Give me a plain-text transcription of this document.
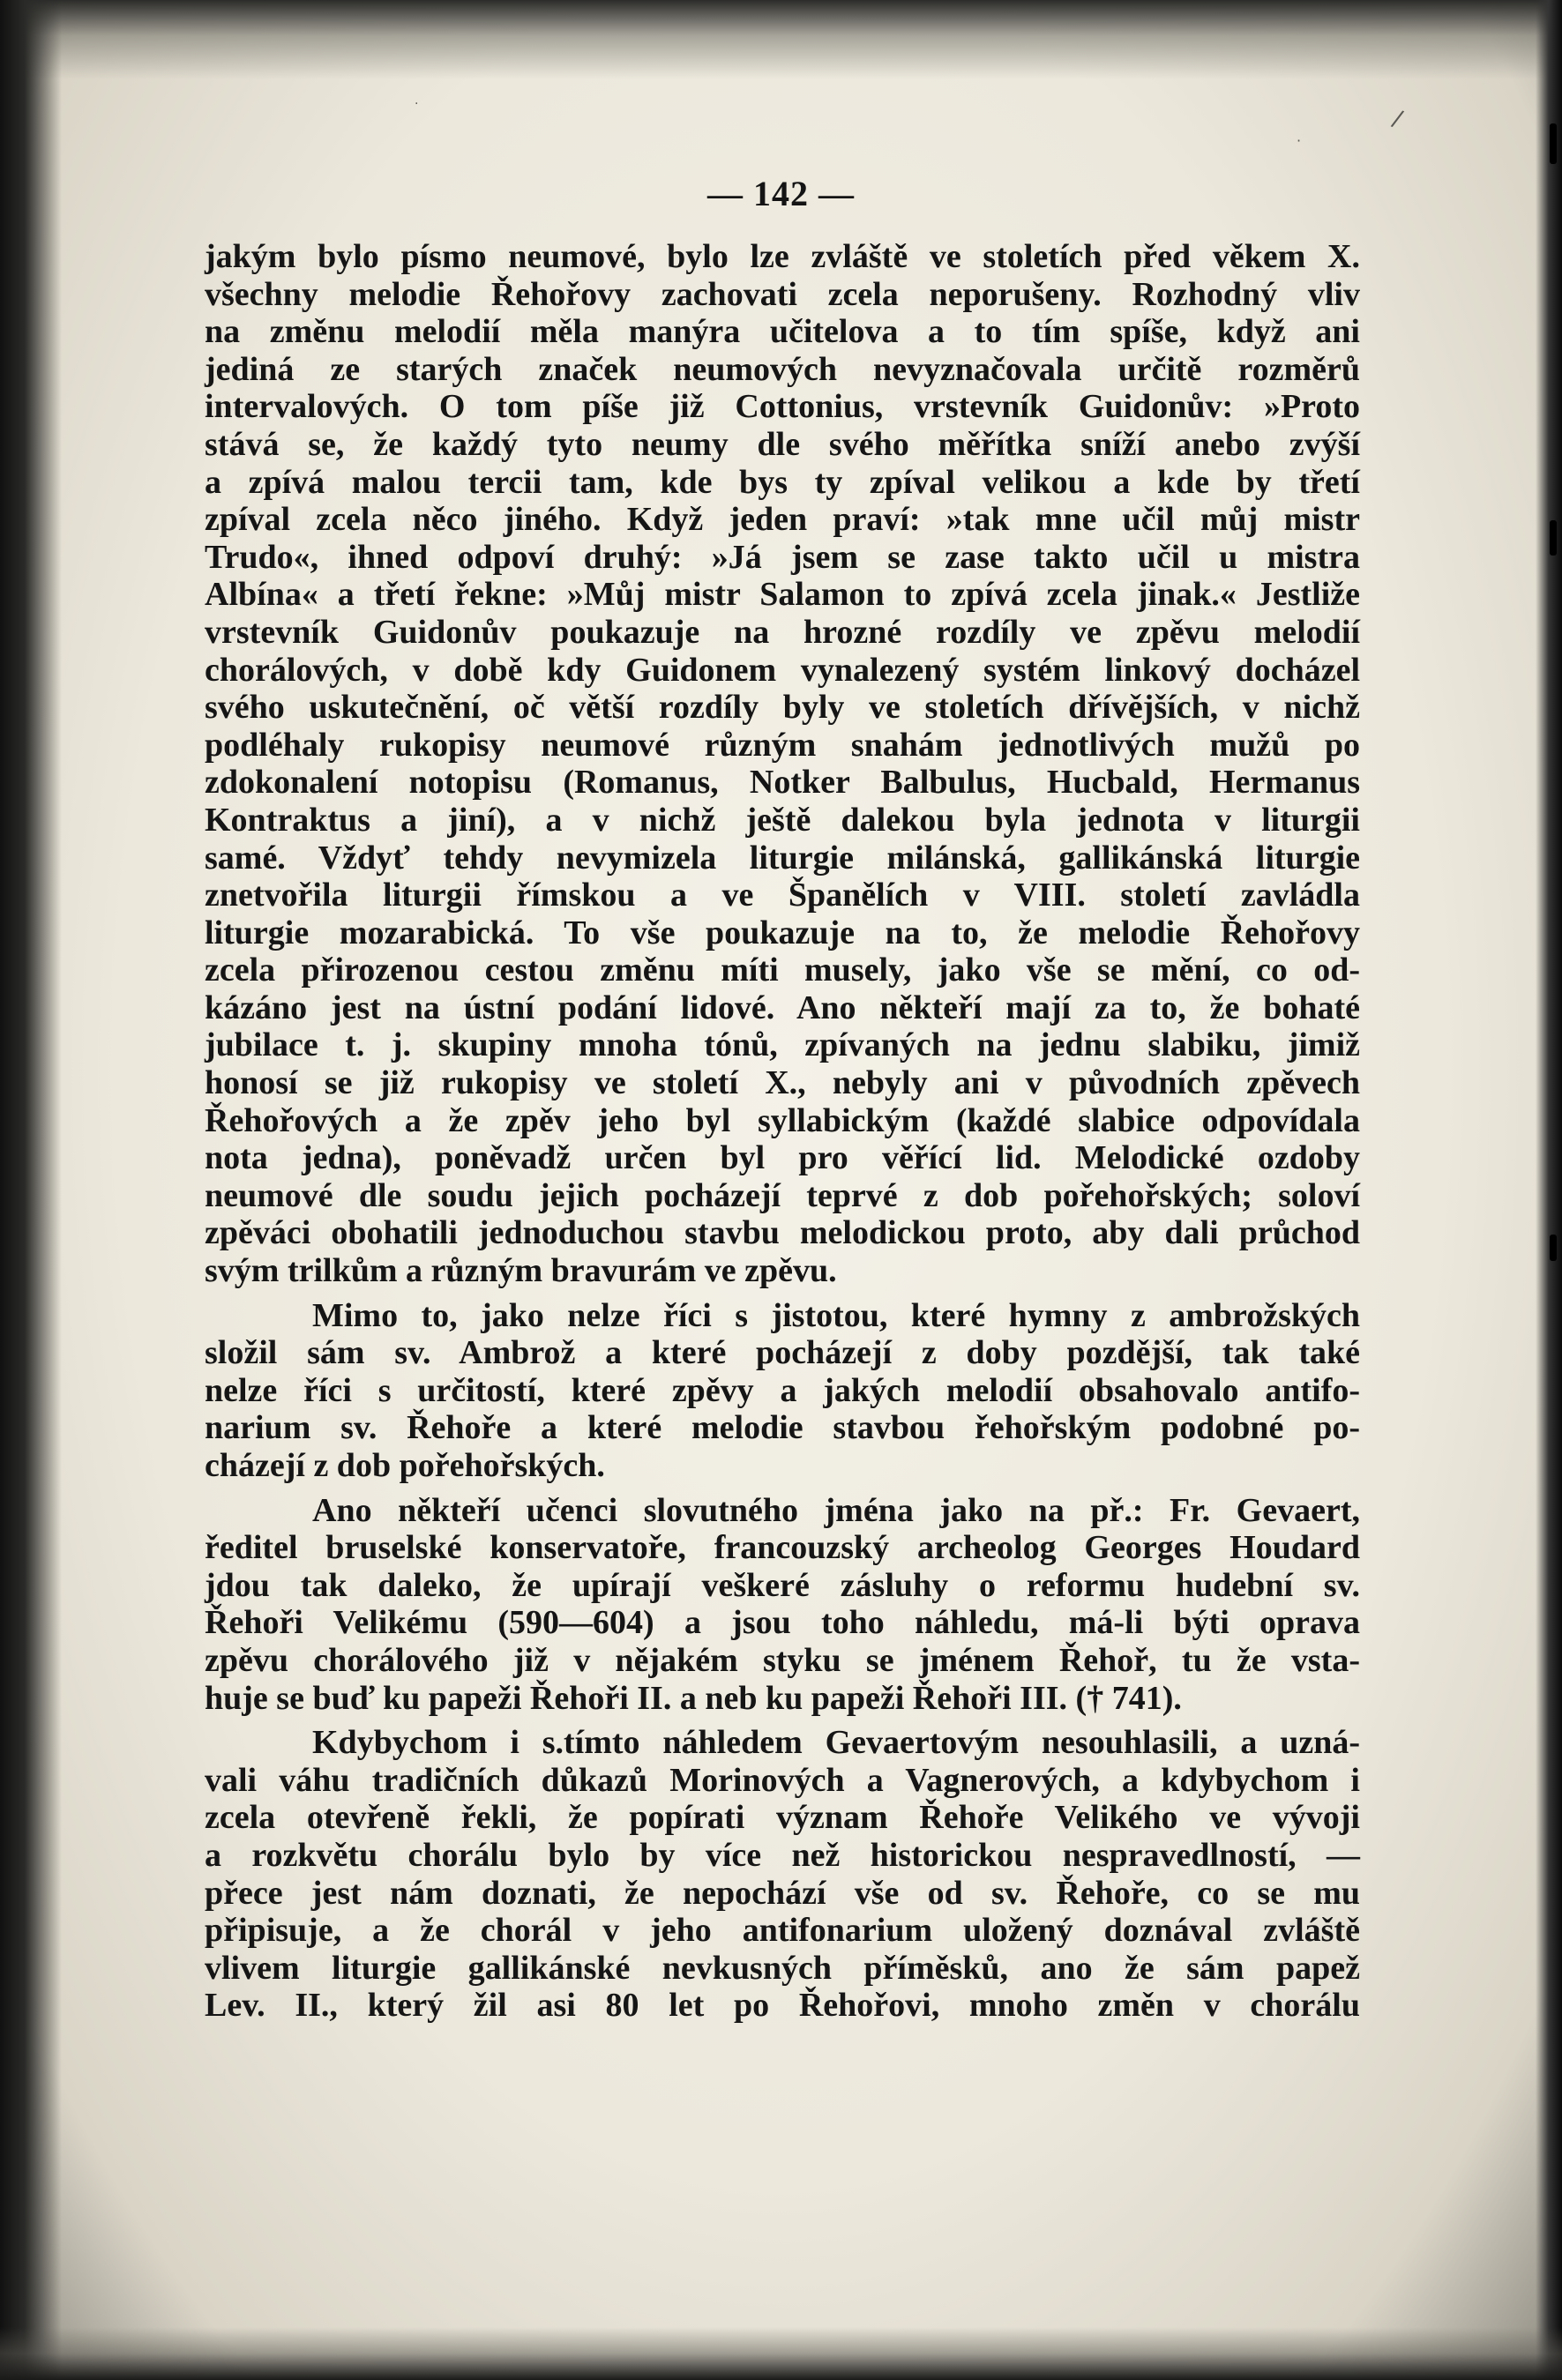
/
·
·
— 142 —
jakým bylo písmo neumové, bylo lze zvláště ve stoletích před věkem X.
všechny melodie Řehořovy zachovati zcela neporušeny. Rozhodný vliv
na změnu melodií měla manýra učitelova a to tím spíše, když ani
jediná ze starých značek neumových nevyznačovala určitě rozměrů
intervalových. O tom píše již Cottonius, vrstevník Guidonův: »Proto
stává se, že každý tyto neumy dle svého měřítka sníží anebo zvýší
a zpívá malou tercii tam, kde bys ty zpíval velikou a kde by třetí
zpíval zcela něco jiného. Když jeden praví: »tak mne učil můj mistr
Trudo«, ihned odpoví druhý: »Já jsem se zase takto učil u mistra
Albína« a třetí řekne: »Můj mistr Salamon to zpívá zcela jinak.« Jestliže
vrstevník Guidonův poukazuje na hrozné rozdíly ve zpěvu melodií
chorálových, v době kdy Guidonem vynalezený systém linkový docházel
svého uskutečnění, oč větší rozdíly byly ve stoletích dřívějších, v nichž
podléhaly rukopisy neumové různým snahám jednotlivých mužů po
zdokonalení notopisu (Romanus, Notker Balbulus, Hucbald, Hermanus
Kontraktus a jiní), a v nichž ještě dalekou byla jednota v liturgii
samé. Vždyť tehdy nevymizela liturgie milánská, gallikánská liturgie
znetvořila liturgii římskou a ve Španělích v VIII. století zavládla
liturgie mozarabická. To vše poukazuje na to, že melodie Řehořovy
zcela přirozenou cestou změnu míti musely, jako vše se mění, co od-
kázáno jest na ústní podání lidové. Ano někteří mají za to, že bohaté
jubilace t. j. skupiny mnoha tónů, zpívaných na jednu slabiku, jimiž
honosí se již rukopisy ve století X., nebyly ani v původních zpěvech
Řehořových a že zpěv jeho byl syllabickým (každé slabice odpovídala
nota jedna), poněvadž určen byl pro věřící lid. Melodické ozdoby
neumové dle soudu jejich pocházejí teprvé z dob pořehořských; soloví
zpěváci obohatili jednoduchou stavbu melodickou proto, aby dali průchod
svým trilkům a různým bravurám ve zpěvu.
Mimo to, jako nelze říci s jistotou, které hymny z ambrožských
složil sám sv. Ambrož a které pocházejí z doby pozdější, tak také
nelze říci s určitostí, které zpěvy a jakých melodií obsahovalo antifo-
narium sv. Řehoře a které melodie stavbou řehořským podobné po-
cházejí z dob pořehořských.
Ano někteří učenci slovutného jména jako na př.: Fr. Gevaert,
ředitel bruselské konservatoře, francouzský archeolog Georges Houdard
jdou tak daleko, že upírají veškeré zásluhy o reformu hudební sv.
Řehoři Velikému (590—604) a jsou toho náhledu, má-li býti oprava
zpěvu chorálového již v nějakém styku se jménem Řehoř, tu že vsta-
huje se buď ku papeži Řehoři II. a neb ku papeži Řehoři III. († 741).
Kdybychom i s.tímto náhledem Gevaertovým nesouhlasili, a uzná-
vali váhu tradičních důkazů Morinových a Vagnerových, a kdybychom i
zcela otevřeně řekli, že popírati význam Řehoře Velikého ve vývoji
a rozkvětu chorálu bylo by více než historickou nespravedlností, —
přece jest nám doznati, že nepochází vše od sv. Řehoře, co se mu
připisuje, a že chorál v jeho antifonarium uložený doznával zvláště
vlivem liturgie gallikánské nevkusných příměsků, ano že sám papež
Lev. II., který žil asi 80 let po Řehořovi, mnoho změn v chorálu
